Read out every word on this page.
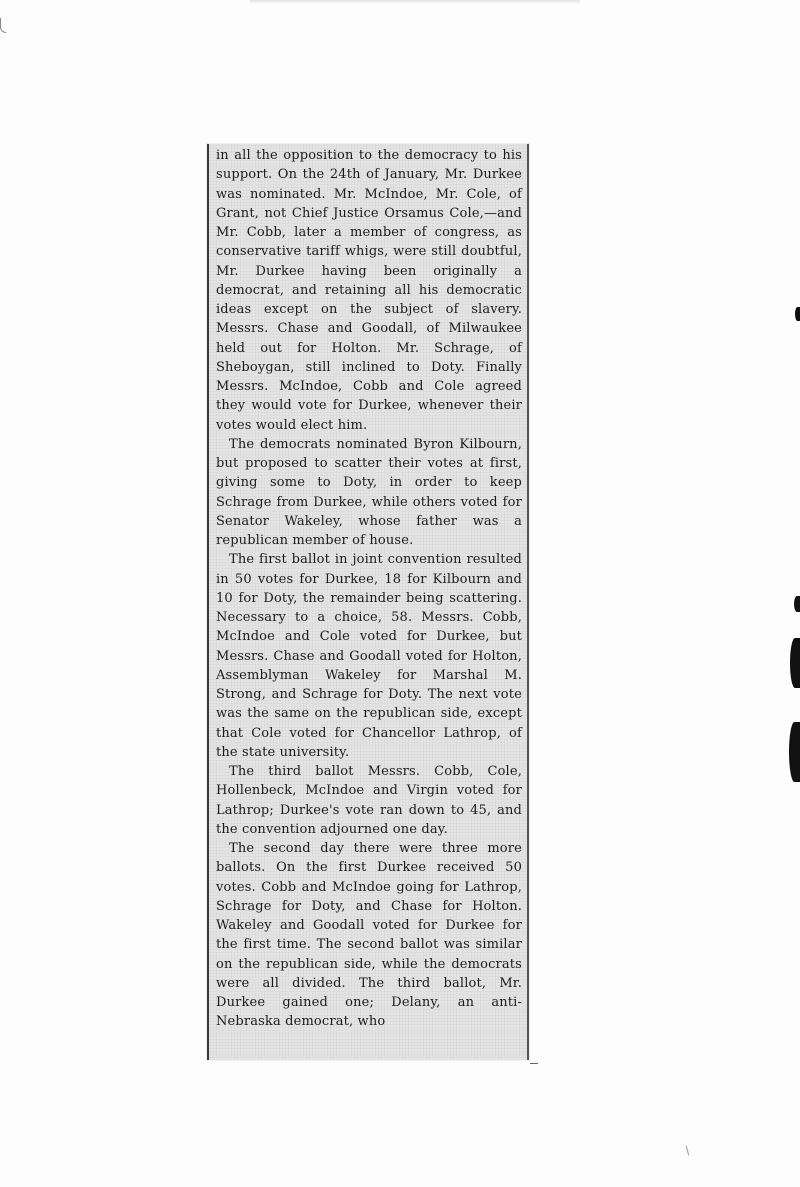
in all the opposition to the democracy to his support. On the 24th of January, Mr. Durkee was nominated. Mr. McIndoe, Mr. Cole, of Grant, not Chief Justice Orsamus Cole,—and Mr. Cobb, later a member of congress, as conservative tariff whigs, were still doubtful, Mr. Durkee having been originally a democrat, and retaining all his democratic ideas except on the subject of slavery. Messrs. Chase and Goodall, of Milwaukee held out for Holton. Mr. Schrage, of Sheboygan, still inclined to Doty. Finally Messrs. McIndoe, Cobb and Cole agreed they would vote for Durkee, whenever their votes would elect him.

The democrats nominated Byron Kilbourn, but proposed to scatter their votes at first, giving some to Doty, in order to keep Schrage from Durkee, while others voted for Senator Wakeley, whose father was a republican member of house.

The first ballot in joint convention resulted in 50 votes for Durkee, 18 for Kilbourn and 10 for Doty, the remainder being scattering. Necessary to a choice, 58. Messrs. Cobb, McIndoe and Cole voted for Durkee, but Messrs. Chase and Goodall voted for Holton, Assemblyman Wakeley for Marshal M. Strong, and Schrage for Doty. The next vote was the same on the republican side, except that Cole voted for Chancellor Lathrop, of the state university.

The third ballot Messrs. Cobb, Cole, Hollenbeck, McIndoe and Virgin voted for Lathrop; Durkee's vote ran down to 45, and the convention adjourned one day.

The second day there were three more ballots. On the first Durkee received 50 votes. Cobb and McIndoe going for Lathrop, Schrage for Doty, and Chase for Holton. Wakeley and Goodall voted for Durkee for the first time. The second ballot was similar on the republican side, while the democrats were all divided. The third ballot, Mr. Durkee gained one; Delany, an anti-Nebraska democrat, who
